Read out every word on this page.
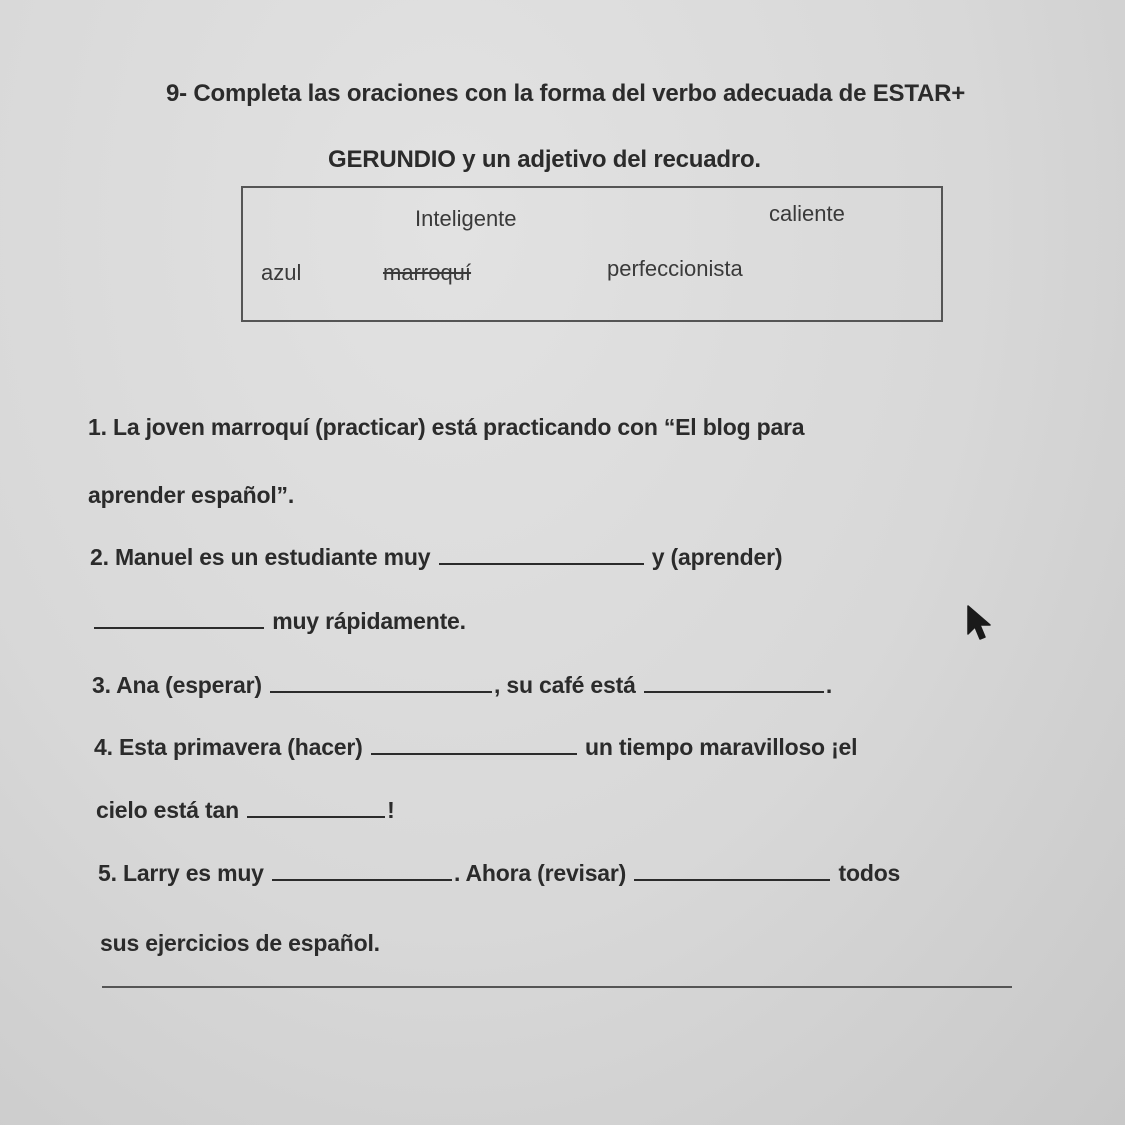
9- Completa las oraciones con la forma del verbo adecuada de ESTAR+
GERUNDIO y un adjetivo del recuadro.
Inteligente	caliente
azul	marroquí	perfeccionista
1. La joven marroquí (practicar) está practicando con “El blog para
aprender español”.
2. Manuel es un estudiante muy	y (aprender)
muy rápidamente.
3. Ana (esperar)	, su café está	.
4. Esta primavera (hacer)	un tiempo maravilloso ¡el
cielo está tan	!
5. Larry es muy	. Ahora (revisar)	todos
sus ejercicios de español.
